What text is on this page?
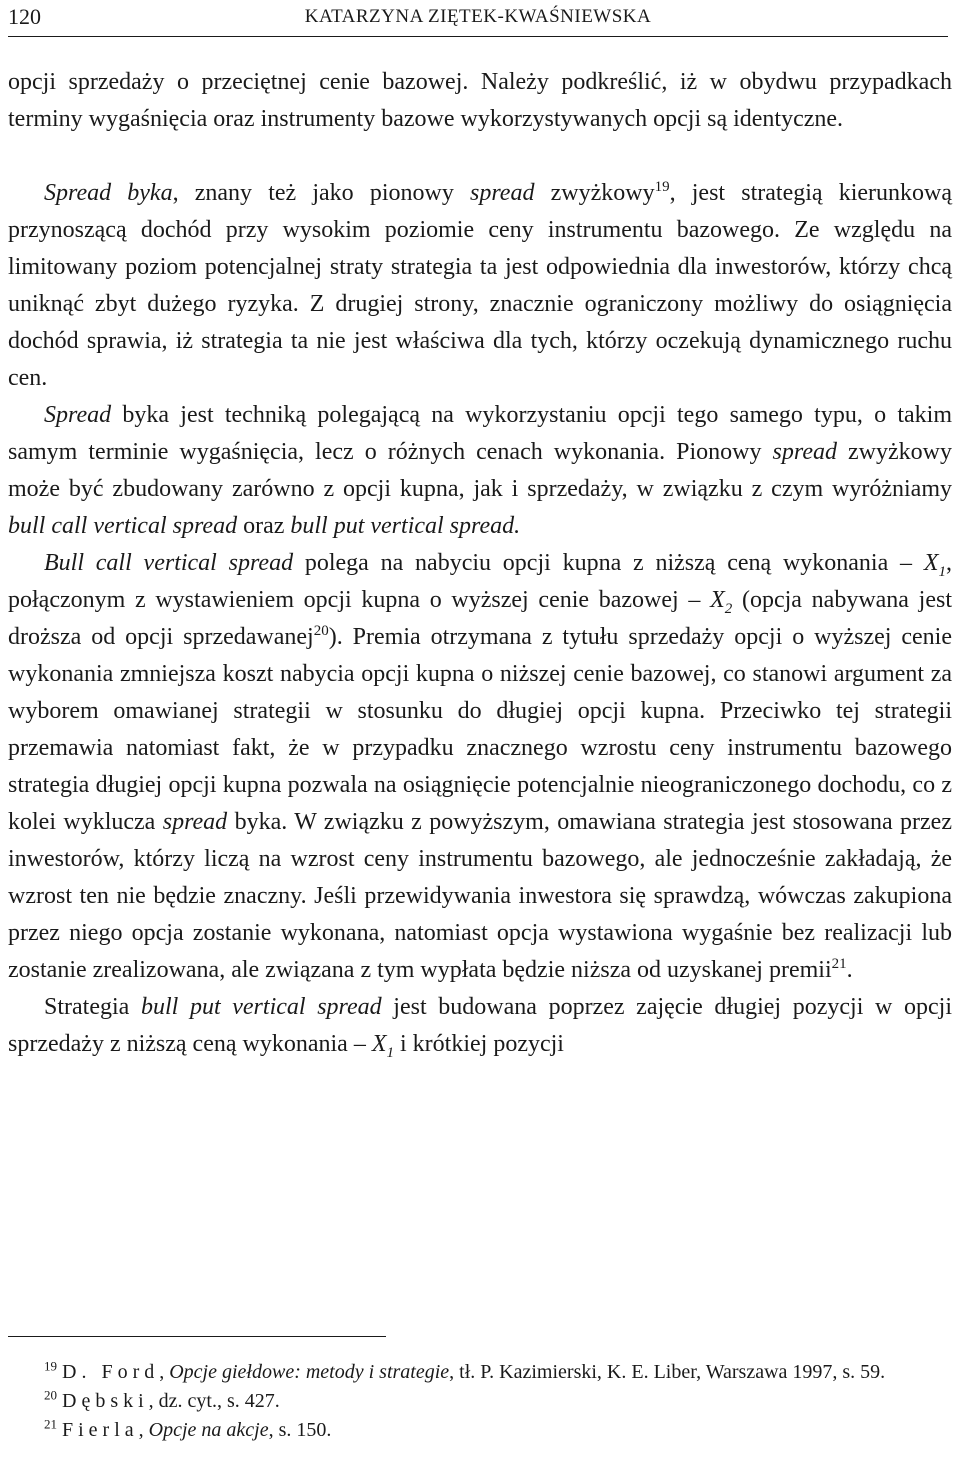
120	KATARZYNA ZIĘTEK-KWAŚNIEWSKA

opcji sprzedaży o przeciętnej cenie bazowej. Należy podkreślić, iż w obydwu przypadkach terminy wygaśnięcia oraz instrumenty bazowe wykorzystywanych opcji są identyczne.

Spread byka, znany też jako pionowy spread zwyżkowy$^{19}$, jest strategią kierunkową przynoszącą dochód przy wysokim poziomie ceny instrumentu bazowego. Ze względu na limitowany poziom potencjalnej straty strategia ta jest odpowiednia dla inwestorów, którzy chcą uniknąć zbyt dużego ryzyka. Z drugiej strony, znacznie ograniczony możliwy do osiągnięcia dochód sprawia, iż strategia ta nie jest właściwa dla tych, którzy oczekują dynamicznego ruchu cen.

Spread byka jest techniką polegającą na wykorzystaniu opcji tego samego typu, o takim samym terminie wygaśnięcia, lecz o różnych cenach wykonania. Pionowy spread zwyżkowy może być zbudowany zarówno z opcji kupna, jak i sprzedaży, w związku z czym wyróżniamy bull call vertical spread oraz bull put vertical spread.

Bull call vertical spread polega na nabyciu opcji kupna z niższą ceną wykonania – $X_1$, połączonym z wystawieniem opcji kupna o wyższej cenie bazowej – $X_2$ (opcja nabywana jest droższa od opcji sprzedawanej$^{20}$). Premia otrzymana z tytułu sprzedaży opcji o wyższej cenie wykonania zmniejsza koszt nabycia opcji kupna o niższej cenie bazowej, co stanowi argument za wyborem omawianej strategii w stosunku do długiej opcji kupna. Przeciwko tej strategii przemawia natomiast fakt, że w przypadku znacznego wzrostu ceny instrumentu bazowego strategia długiej opcji kupna pozwala na osiągnięcie potencjalnie nieograniczonego dochodu, co z kolei wyklucza spread byka. W związku z powyższym, omawiana strategia jest stosowana przez inwestorów, którzy liczą na wzrost ceny instrumentu bazowego, ale jednocześnie zakładają, że wzrost ten nie będzie znaczny. Jeśli przewidywania inwestora się sprawdzą, wówczas zakupiona przez niego opcja zostanie wykonana, natomiast opcja wystawiona wygaśnie bez realizacji lub zostanie zrealizowana, ale związana z tym wypłata będzie niższa od uzyskanej premii$^{21}$.

Strategia bull put vertical spread jest budowana poprzez zajęcie długiej pozycji w opcji sprzedaży z niższą ceną wykonania – $X_1$ i krótkiej pozycji

$^{19}$ D. Ford, Opcje giełdowe: metody i strategie, tł. P. Kazimierski, K. E. Liber, Warszawa 1997, s. 59.

$^{20}$ Dębski, dz. cyt., s. 427.

$^{21}$ Fierla, Opcje na akcje, s. 150.
